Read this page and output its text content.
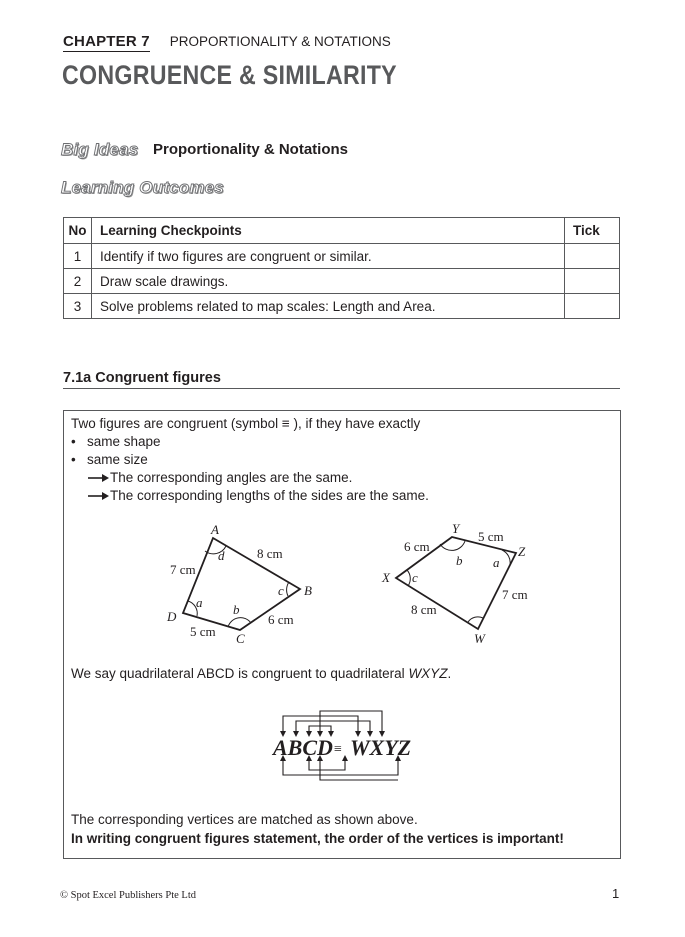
CHAPTER 7 PROPORTIONALITY & NOTATIONS
CONGRUENCE & SIMILARITY
Big Ideas Proportionality & Notations
Learning Outcomes
No	Learning Checkpoints	Tick
1	Identify if two figures are congruent or similar.	
2	Draw scale drawings.	
3	Solve problems related to map scales: Length and Area.	
7.1a Congruent figures
Two figures are congruent (symbol ≡ ), if they have exactly
• same shape
• same size
The corresponding angles are the same.
The corresponding lengths of the sides are the same.
A
B
C
D
d
c
b
a
8 cm
6 cm
5 cm
7 cm
Y
Z
W
X
b a
c
5 cm
7 cm
8 cm
6 cm
ABCD ≡ WXYZ
We say quadrilateral ABCD is congruent to quadrilateral WXYZ.
The corresponding vertices are matched as shown above.
In writing congruent figures statement, the order of the vertices is important!
© Spot Excel Publishers Pte Ltd	1
